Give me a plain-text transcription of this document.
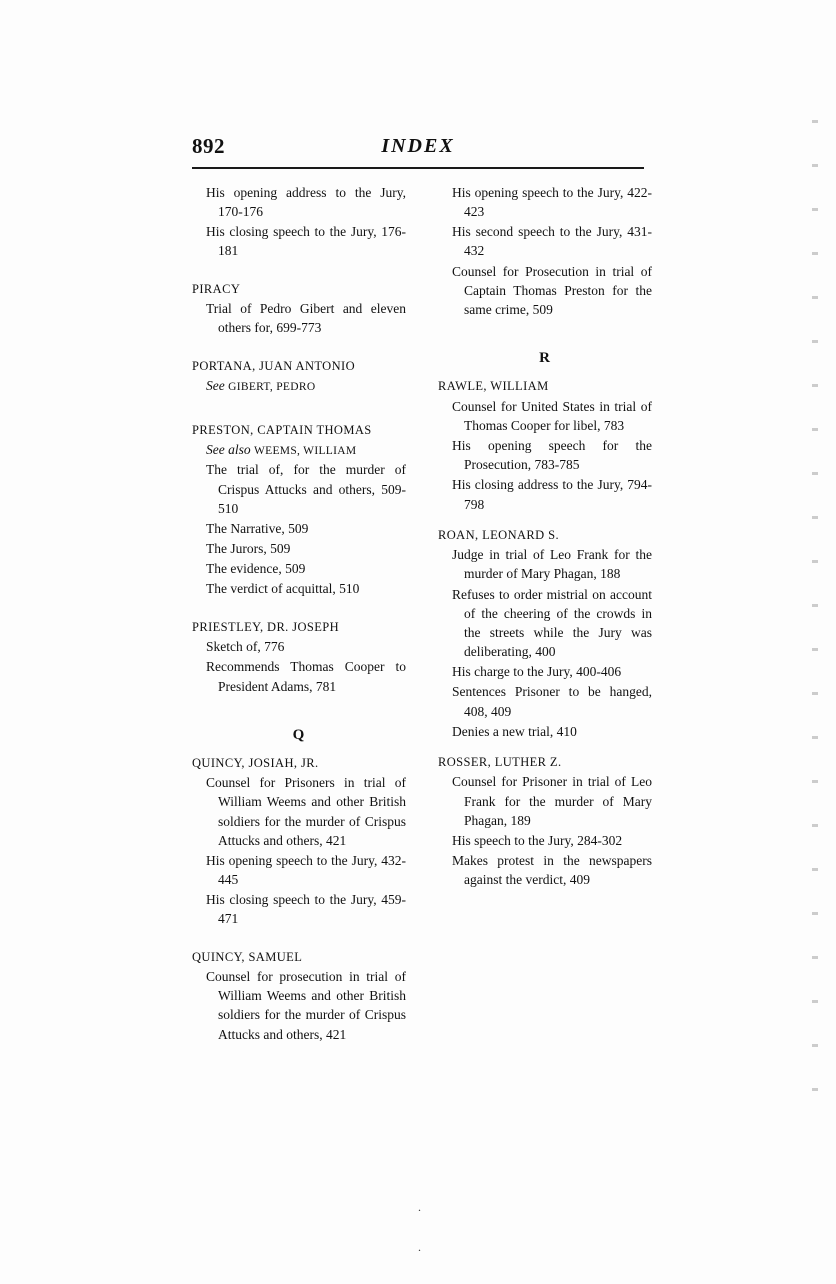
892	INDEX
His opening address to the Jury, 170-176
His closing speech to the Jury, 176-181
PIRACY
Trial of Pedro Gibert and eleven others for, 699-773
PORTANA, JUAN ANTONIO
See GIBERT, PEDRO
PRESTON, CAPTAIN THOMAS
See also WEEMS, WILLIAM
The trial of, for the murder of Crispus Attucks and others, 509-510
The Narrative, 509
The Jurors, 509
The evidence, 509
The verdict of acquittal, 510
PRIESTLEY, DR. JOSEPH
Sketch of, 776
Recommends Thomas Cooper to President Adams, 781
Q
QUINCY, JOSIAH, JR.
Counsel for Prisoners in trial of William Weems and other British soldiers for the murder of Crispus Attucks and others, 421
His opening speech to the Jury, 432-445
His closing speech to the Jury, 459-471
QUINCY, SAMUEL
Counsel for prosecution in trial of William Weems and other British soldiers for the murder of Crispus Attucks and others, 421
His opening speech to the Jury, 422-423
His second speech to the Jury, 431-432
Counsel for Prosecution in trial of Captain Thomas Preston for the same crime, 509
R
RAWLE, WILLIAM
Counsel for United States in trial of Thomas Cooper for libel, 783
His opening speech for the Prosecution, 783-785
His closing address to the Jury, 794-798
ROAN, LEONARD S.
Judge in trial of Leo Frank for the murder of Mary Phagan, 188
Refuses to order mistrial on account of the cheering of the crowds in the streets while the Jury was deliberating, 400
His charge to the Jury, 400-406
Sentences Prisoner to be hanged, 408, 409
Denies a new trial, 410
ROSSER, LUTHER Z.
Counsel for Prisoner in trial of Leo Frank for the murder of Mary Phagan, 189
His speech to the Jury, 284-302
Makes protest in the newspapers against the verdict, 409
.
.
